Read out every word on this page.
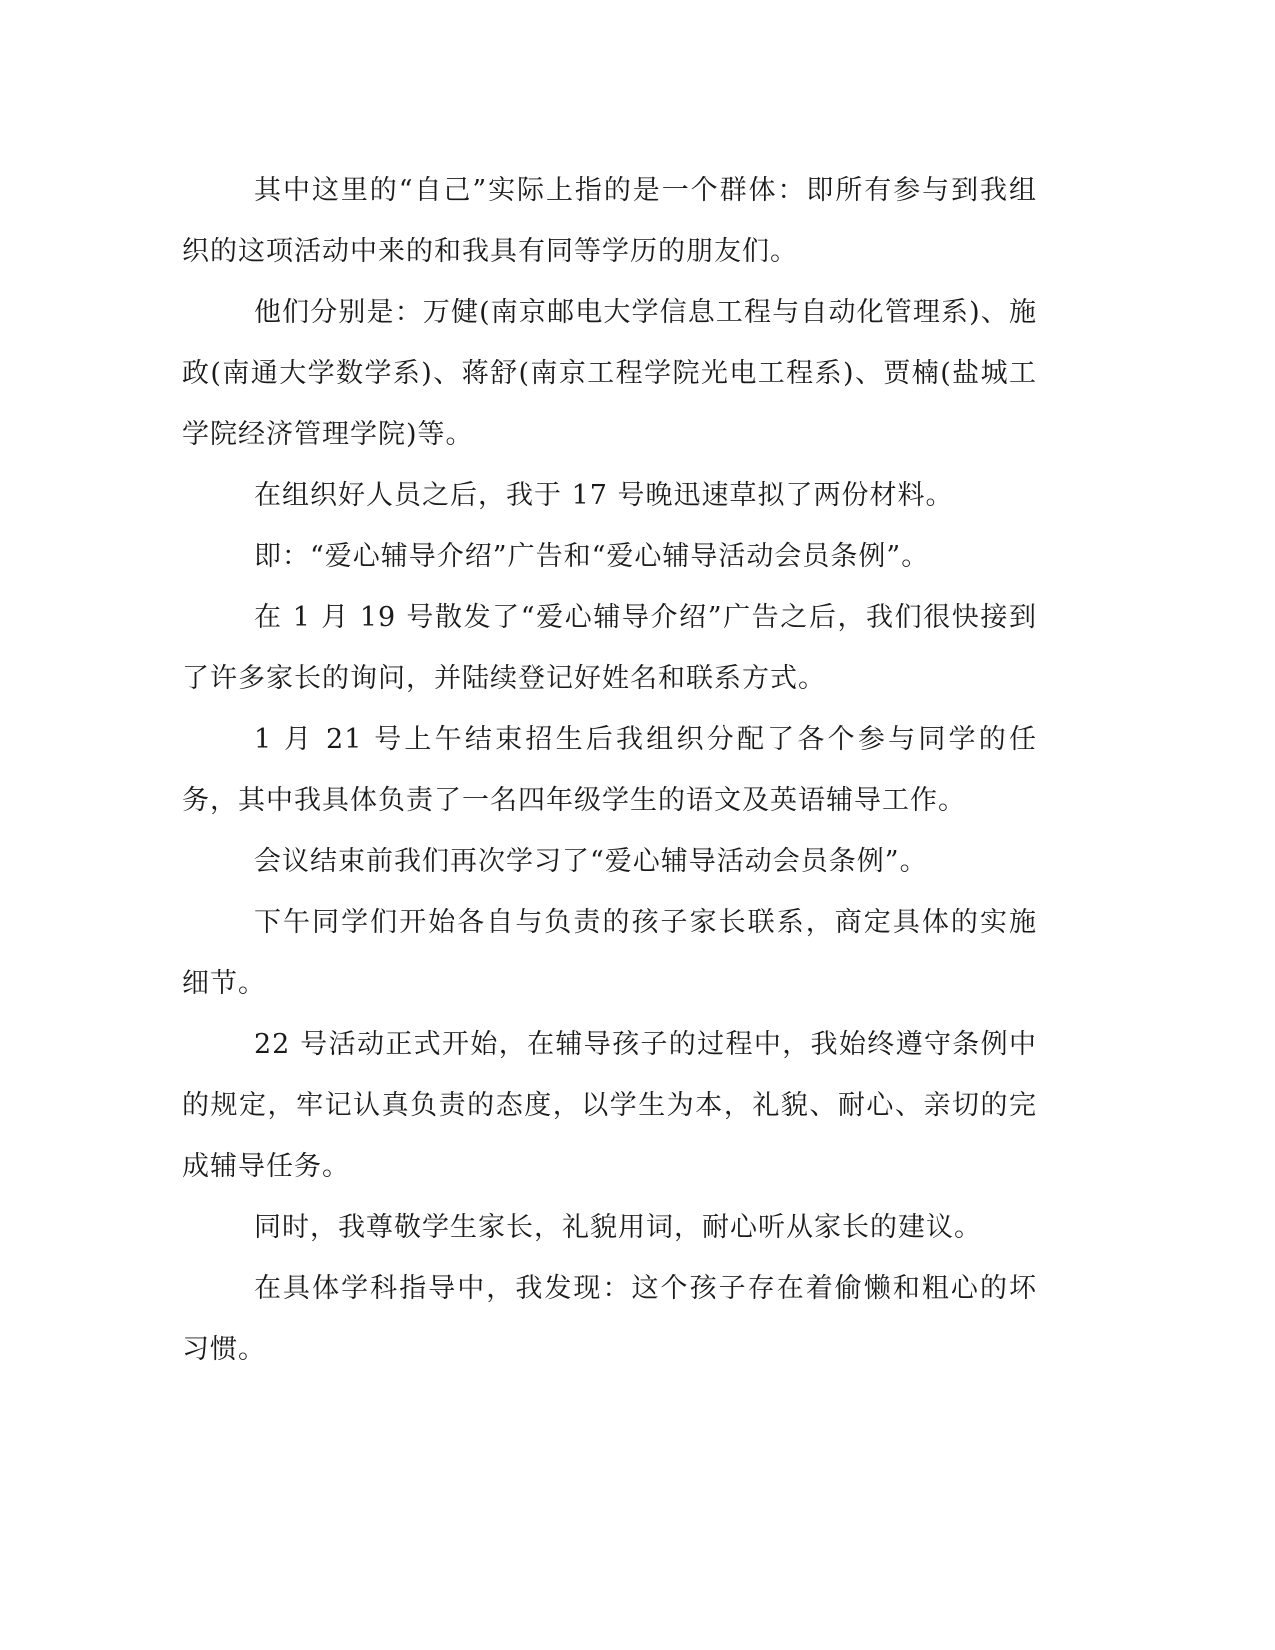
其中这里的“自己”实际上指的是一个群体：即所有参与到我组织的这项活动中来的和我具有同等学历的朋友们。

他们分别是：万健(南京邮电大学信息工程与自动化管理系)、施政(南通大学数学系)、蒋舒(南京工程学院光电工程系)、贾楠(盐城工学院经济管理学院)等。

在组织好人员之后，我于 17 号晚迅速草拟了两份材料。

即：“爱心辅导介绍”广告和“爱心辅导活动会员条例”。

在 1 月 19 号散发了“爱心辅导介绍”广告之后，我们很快接到了许多家长的询问，并陆续登记好姓名和联系方式。

1 月 21 号上午结束招生后我组织分配了各个参与同学的任务，其中我具体负责了一名四年级学生的语文及英语辅导工作。

会议结束前我们再次学习了“爱心辅导活动会员条例”。

下午同学们开始各自与负责的孩子家长联系，商定具体的实施细节。

22 号活动正式开始，在辅导孩子的过程中，我始终遵守条例中的规定，牢记认真负责的态度，以学生为本，礼貌、耐心、亲切的完成辅导任务。

同时，我尊敬学生家长，礼貌用词，耐心听从家长的建议。

在具体学科指导中，我发现：这个孩子存在着偷懒和粗心的坏习惯。
